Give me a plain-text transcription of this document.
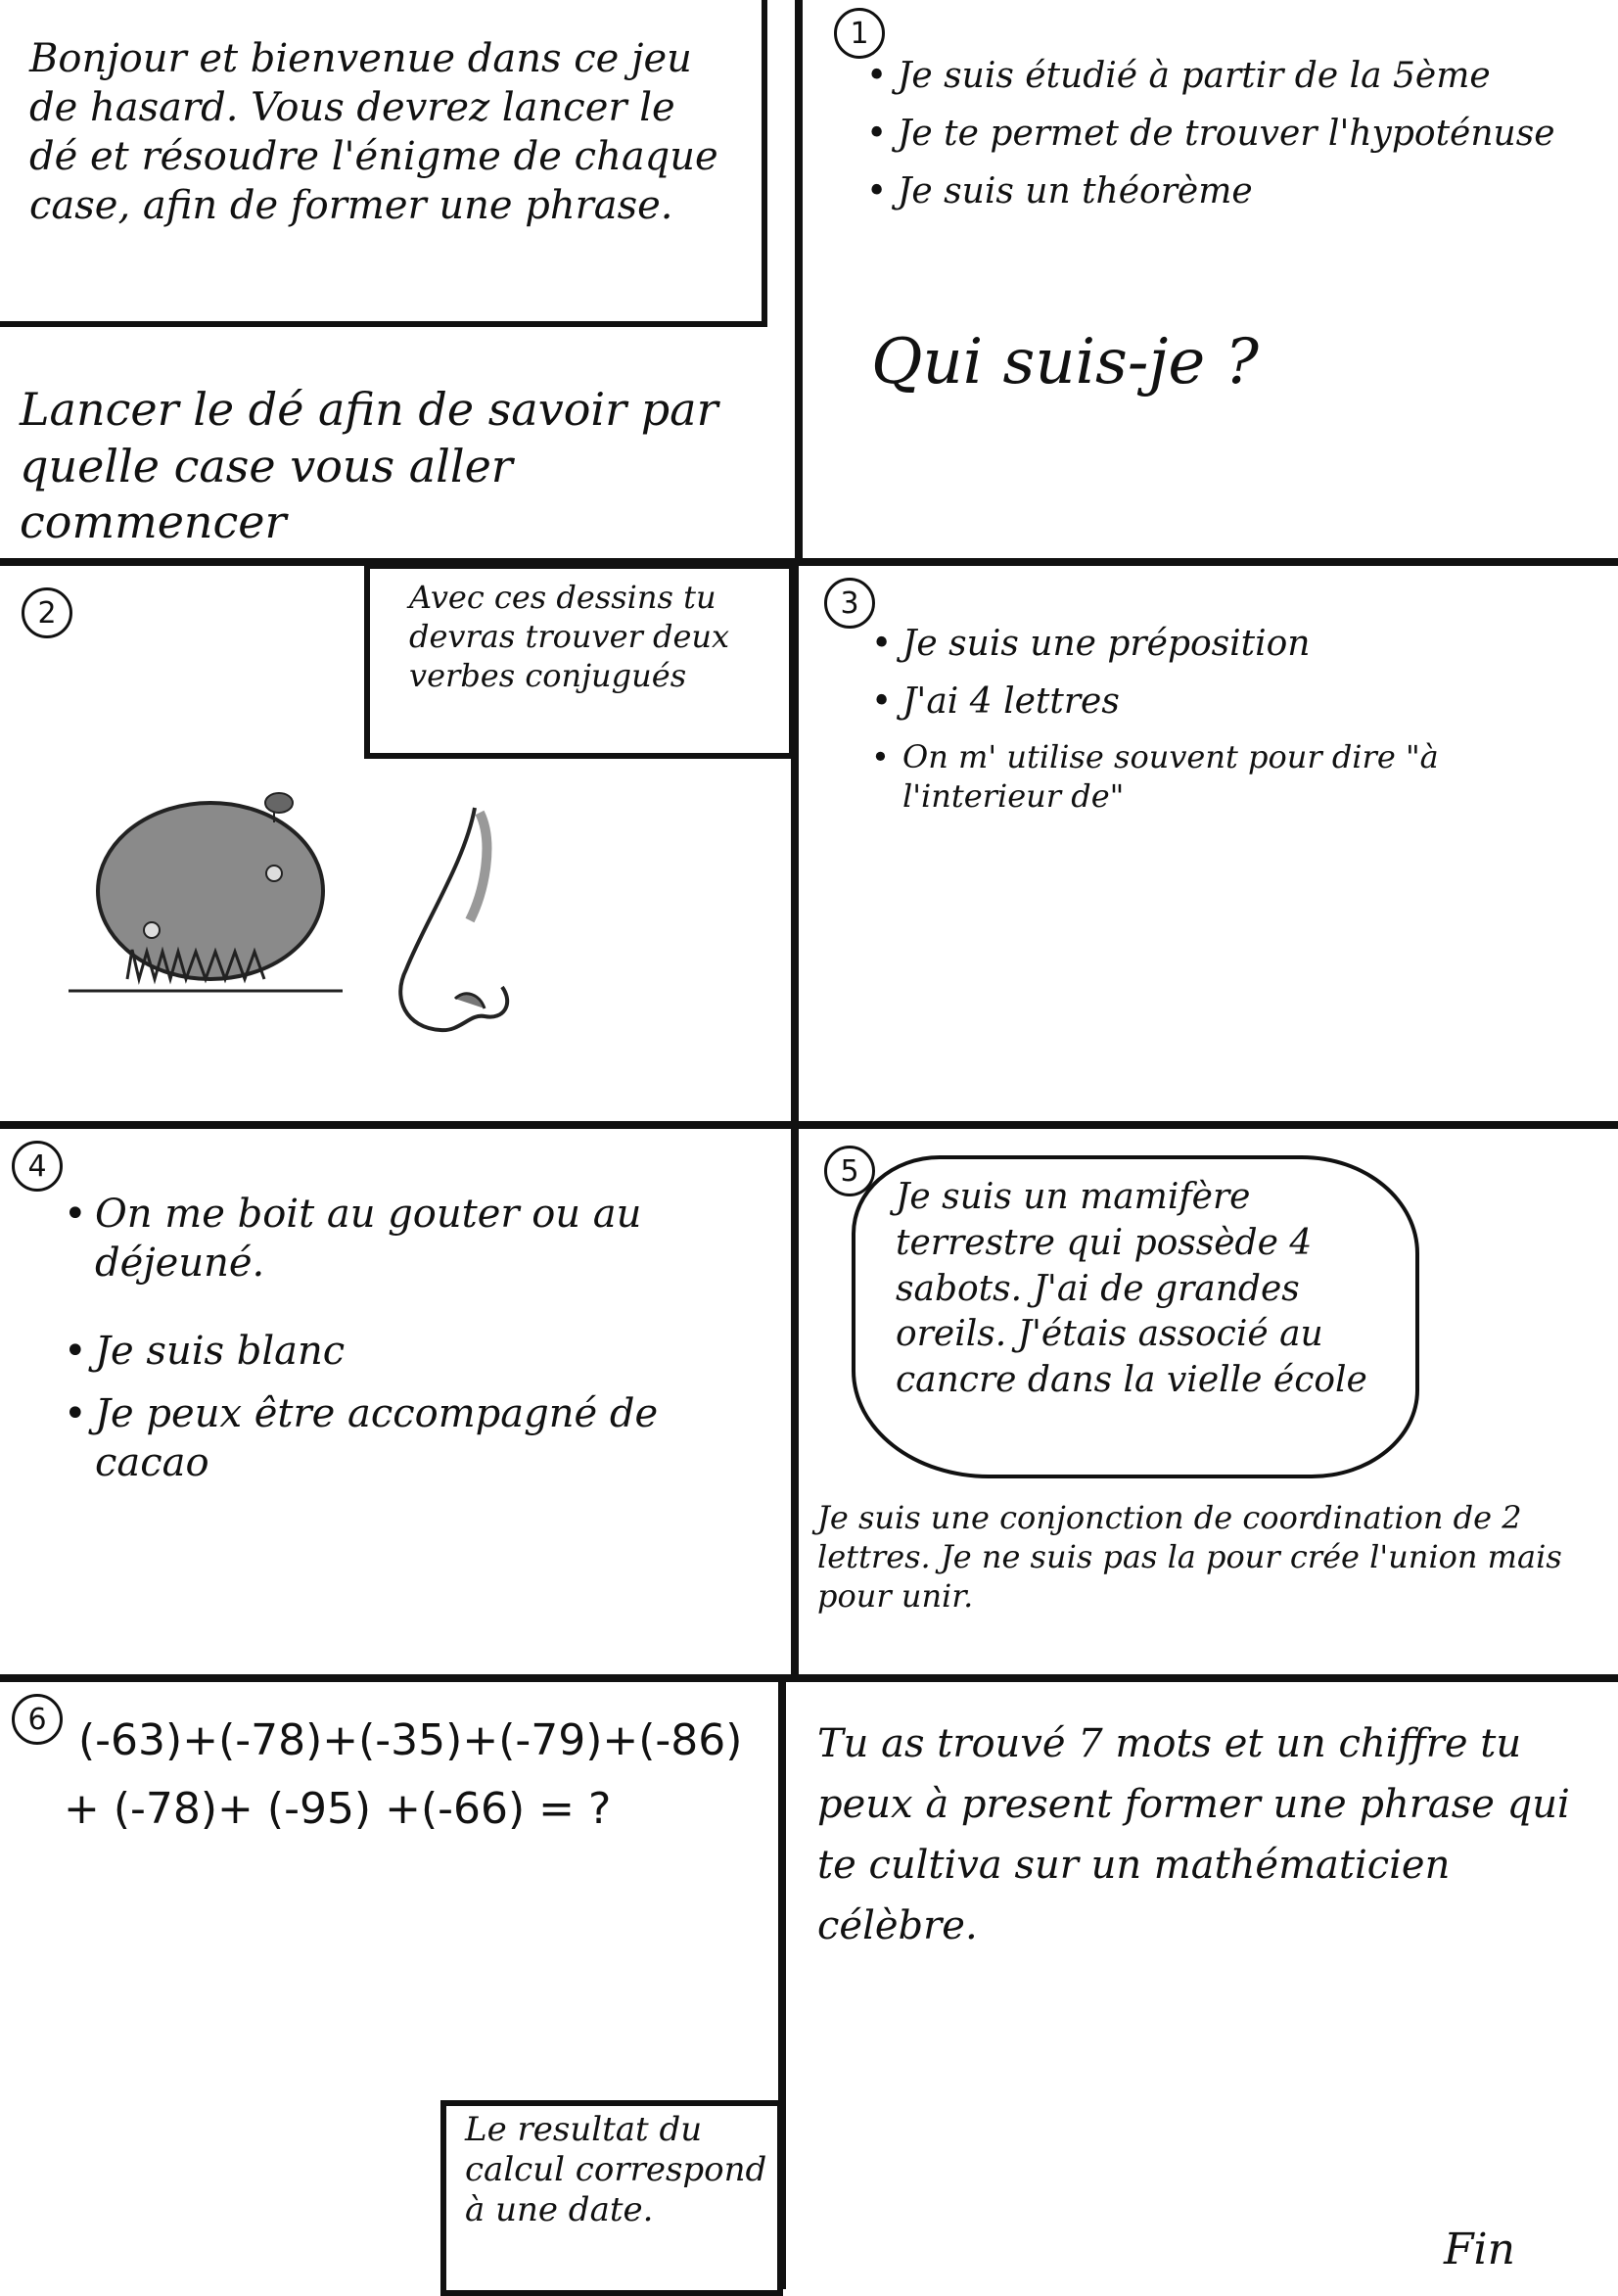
Bonjour et bienvenue dans ce jeu de hasard. Vous devrez lancer le dé et résoudre l'énigme de chaque case, afin de former une phrase.
Lancer le dé afin de savoir par quelle case vous aller commencer
1
• Je suis étudié à partir de la 5ème
• Je te permet de trouver l'hypoténuse
• Je suis un théorème
Qui suis-je ?
2	Avec ces dessins tu devras trouver deux verbes conjugués
3
• Je suis une préposition
• J'ai 4 lettres
• On m' utilise souvent pour dire "à l'interieur de"
4
• On me boit au gouter ou au déjeuné.
• Je suis blanc
• Je peux être accompagné de cacao
5
Je suis un mamifère terrestre qui possède 4 sabots. J'ai de grandes oreils. J'étais associé au cancre dans la vielle école
Je suis une conjonction de coordination de 2 lettres. Je ne suis pas la pour crée l'union mais pour unir.
6 (-63)+(-78)+(-35)+(-79)+(-86)
+ (-78)+ (-95) +(-66) = ?
Le resultat du calcul correspond à une date.
Tu as trouvé 7 mots et un chiffre tu peux à present former une phrase qui te cultiva sur un mathématicien célèbre.
Fin
